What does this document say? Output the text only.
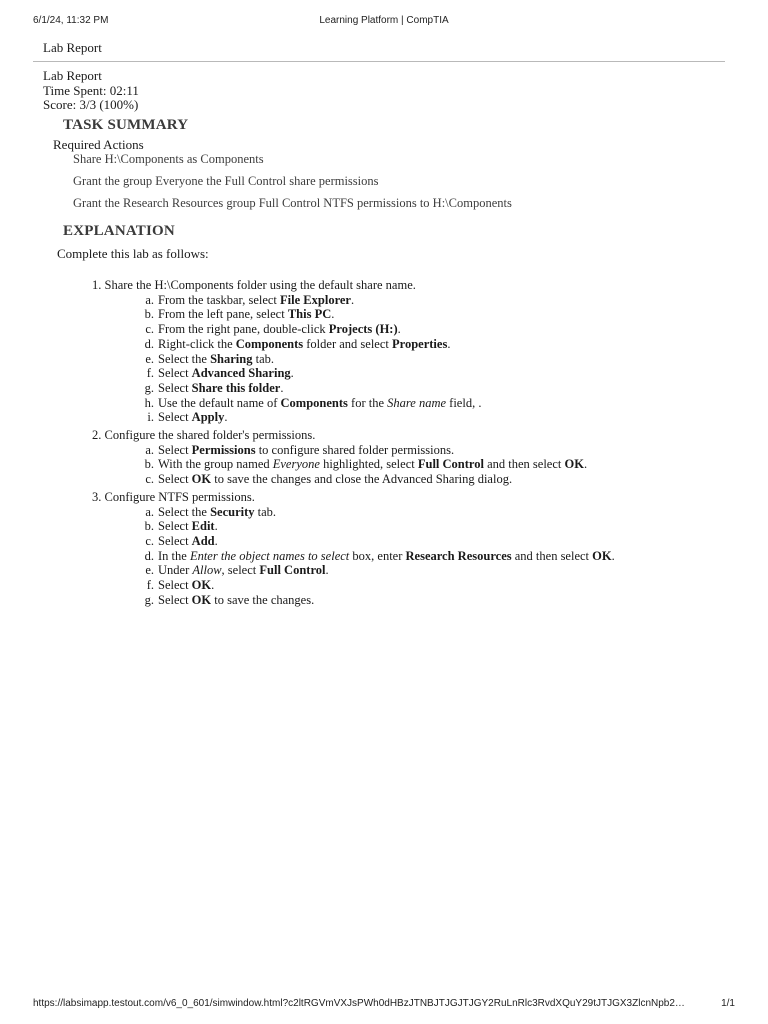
6/1/24, 11:32 PM	Learning Platform | CompTIA
Lab Report
Lab Report
Time Spent: 02:11
Score: 3/3 (100%)
TASK SUMMARY
Required Actions
Share H:\Components as Components
Grant the group Everyone the Full Control share permissions
Grant the Research Resources group Full Control NTFS permissions to H:\Components
EXPLANATION
Complete this lab as follows:
1. Share the H:\Components folder using the default share name.
a. From the taskbar, select File Explorer.
b. From the left pane, select This PC.
c. From the right pane, double-click Projects (H:).
d. Right-click the Components folder and select Properties.
e. Select the Sharing tab.
f. Select Advanced Sharing.
g. Select Share this folder.
h. Use the default name of Components for the Share name field, .
i. Select Apply.
2. Configure the shared folder's permissions.
a. Select Permissions to configure shared folder permissions.
b. With the group named Everyone highlighted, select Full Control and then select OK.
c. Select OK to save the changes and close the Advanced Sharing dialog.
3. Configure NTFS permissions.
a. Select the Security tab.
b. Select Edit.
c. Select Add.
d. In the Enter the object names to select box, enter Research Resources and then select OK.
e. Under Allow, select Full Control.
f. Select OK.
g. Select OK to save the changes.
https://labsimapp.testout.com/v6_0_601/simwindow.html?c2ltRGVmVXJsPWh0dHBzJTNBJTJGJTJGY2RuLnRlc3RvdXQuY29tJTJGX3ZlcnNpb2…	1/1
